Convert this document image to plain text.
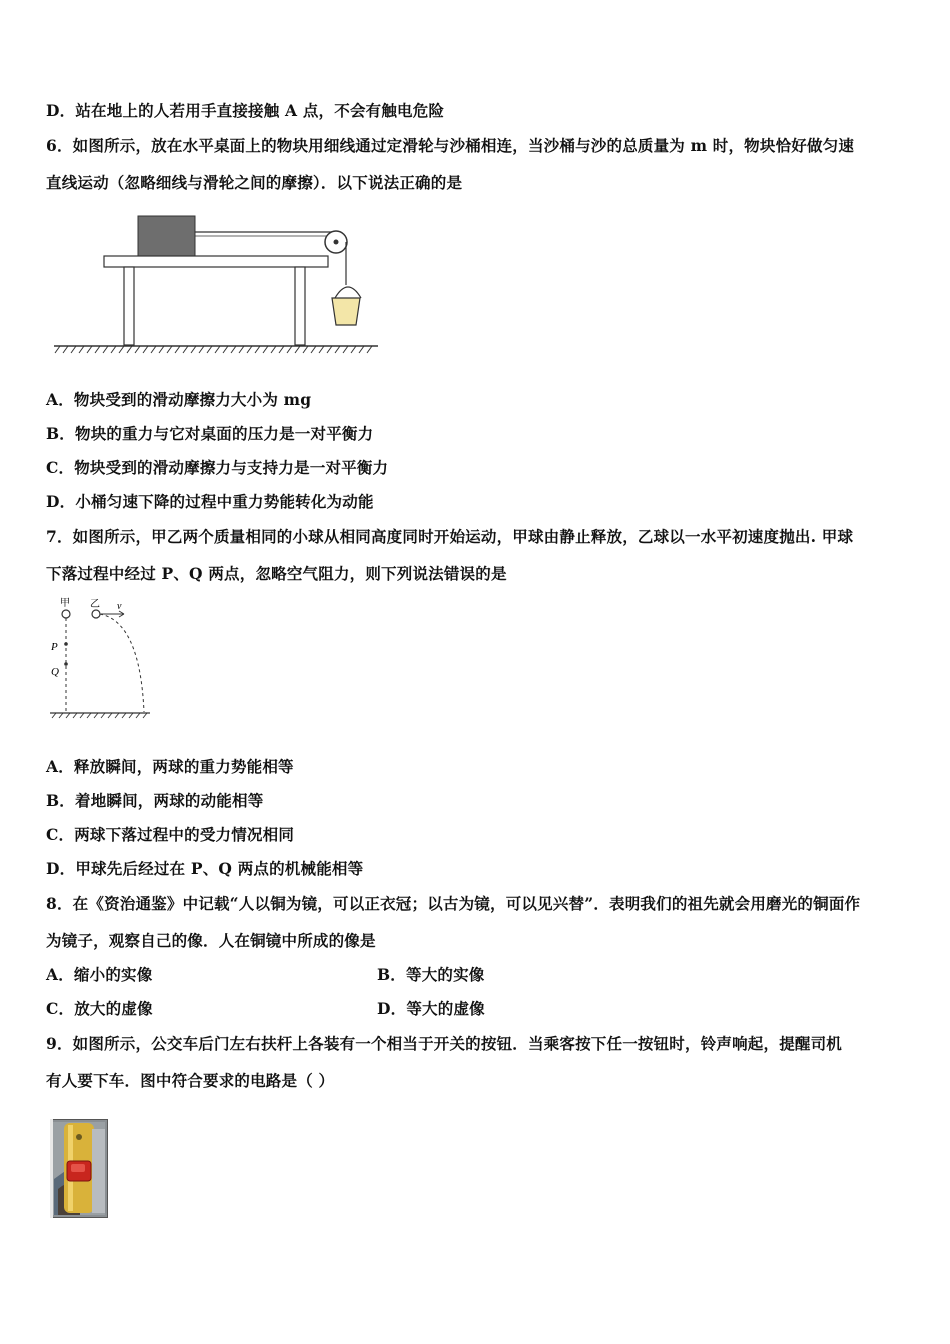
D．站在地上的人若用手直接接触 A 点，不会有触电危险
6．如图所示，放在水平桌面上的物块用细线通过定滑轮与沙桶相连，当沙桶与沙的总质量为 m 时，物块恰好做匀速
直线运动（忽略细线与滑轮之间的摩擦）．以下说法正确的是
A．物块受到的滑动摩擦力大小为 mg
B．物块的重力与它对桌面的压力是一对平衡力
C．物块受到的滑动摩擦力与支持力是一对平衡力
D．小桶匀速下降的过程中重力势能转化为动能
7．如图所示，甲乙两个质量相同的小球从相同高度同时开始运动，甲球由静止释放，乙球以一水平初速度抛出. 甲球
下落过程中经过 P、Q 两点，忽略空气阻力，则下列说法错误的是
甲
P
Q
乙 v
A．释放瞬间，两球的重力势能相等
B．着地瞬间，两球的动能相等
C．两球下落过程中的受力情况相同
D．甲球先后经过在 P、Q 两点的机械能相等
8．在《资治通鉴》中记载“人以铜为镜，可以正衣冠；以古为镜，可以见兴替”．表明我们的祖先就会用磨光的铜面作
为镜子，观察自己的像．人在铜镜中所成的像是
A．缩小的实像	B．等大的实像
C．放大的虚像	D．等大的虚像
9．如图所示，公交车后门左右扶杆上各装有一个相当于开关的按钮．当乘客按下任一按钮时，铃声响起，提醒司机
有人要下车．图中符合要求的电路是（ ）
